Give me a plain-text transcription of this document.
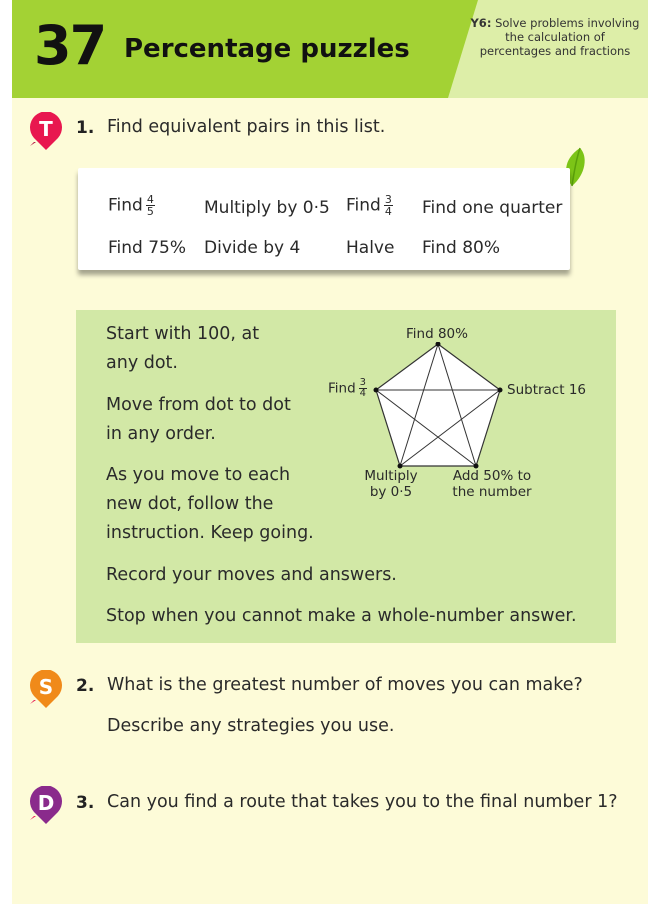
37 Percentage puzzles
Y6: Solve problems involving the calculation of percentages and fractions
T 1. Find equivalent pairs in this list.
Find $\frac{4}{5}$	Multiply by 0·5 Find $\frac{3}{4}$ Find one quarter
Find 75% Divide by 4	Halve Find 80%
Start with 100, at
any dot.
Move from dot to dot
in any order.
As you move to each
new dot, follow the
instruction. Keep going.
Record your moves and answers.
Stop when you cannot make a whole-number answer.
Find 80%
Subtract 16
Find $\frac{3}{4}$
Multiply
by 0·5
Add 50% to
the number
S 2. What is the greatest number of moves you can make?
Describe any strategies you use.
D 3. Can you find a route that takes you to the final number 1?
